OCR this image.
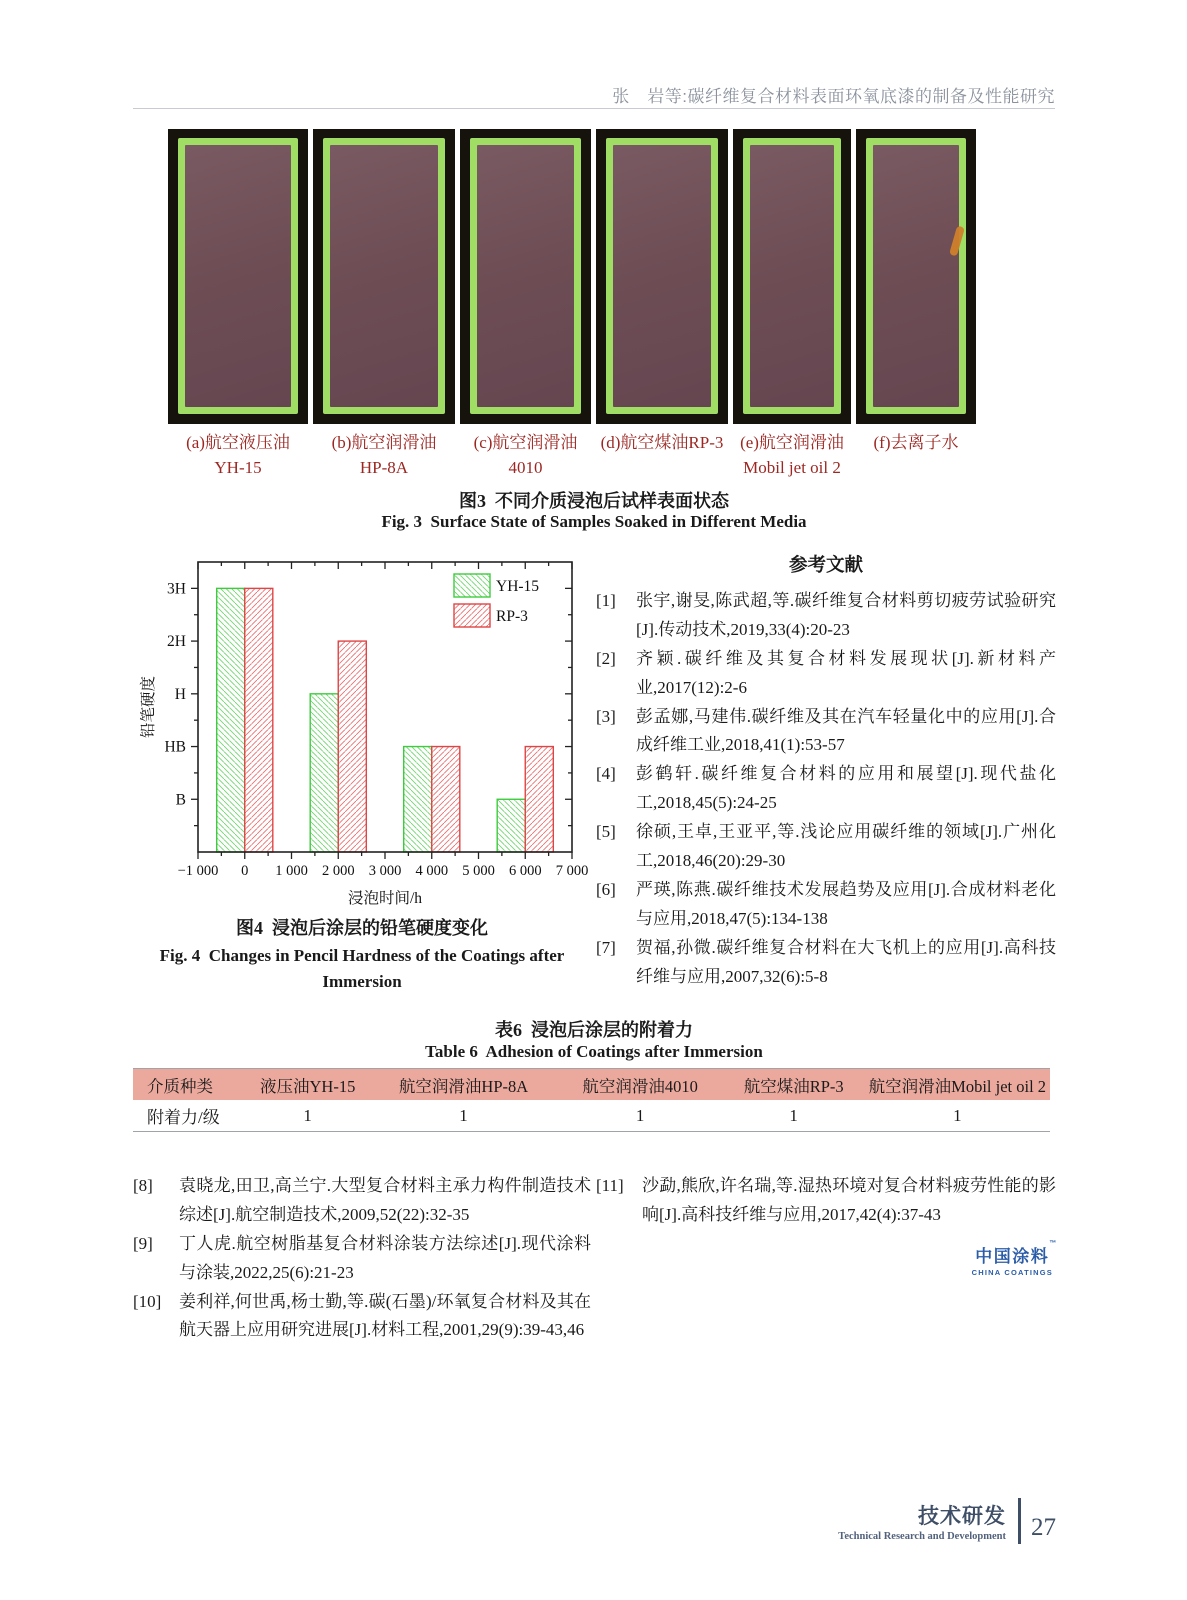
张　岩等:碳纤维复合材料表面环氧底漆的制备及性能研究
(a)航空液压油
YH-15
(b)航空润滑油
HP-8A
(c)航空润滑油
4010
(d)航空煤油RP-3 (e)航空润滑油
Mobil jet oil 2
(f)去离子水
图3  不同介质浸泡后试样表面状态
Fig. 3  Surface State of Samples Soaked in Different Media
−1 000 0 1 000 2 000 3 000 4 000 5 000 6 000 7 000
B
HB
H
2H
3H
浸泡时间/h
铅笔硬度
YH-15
RP-3
图4  浸泡后涂层的铅笔硬度变化
Fig. 4  Changes in Pencil Hardness of the Coatings after Immersion
参考文献
[1]	张宇,谢旻,陈武超,等.碳纤维复合材料剪切疲劳试验研究[J].传动技术,2019,33(4):20-23
[2]	齐颖.碳纤维及其复合材料发展现状[J].新材料产业,2017(12):2-6
[3]	彭孟娜,马建伟.碳纤维及其在汽车轻量化中的应用[J].合成纤维工业,2018,41(1):53-57
[4]	彭鹤轩.碳纤维复合材料的应用和展望[J].现代盐化工,2018,45(5):24-25
[5]	徐硕,王卓,王亚平,等.浅论应用碳纤维的领域[J].广州化工,2018,46(20):29-30
[6]	严瑛,陈燕.碳纤维技术发展趋势及应用[J].合成材料老化与应用,2018,47(5):134-138
[7]	贺福,孙微.碳纤维复合材料在大飞机上的应用[J].高科技纤维与应用,2007,32(6):5-8
表6  浸泡后涂层的附着力
Table 6  Adhesion of Coatings after Immersion
介质种类	液压油YH-15	航空润滑油HP-8A	航空润滑油4010	航空煤油RP-3	航空润滑油Mobil jet oil 2
附着力/级	1	1	1	1	1
[8]	袁晓龙,田卫,高兰宁.大型复合材料主承力构件制造技术综述[J].航空制造技术,2009,52(22):32-35
[9]	丁人虎.航空树脂基复合材料涂装方法综述[J].现代涂料与涂装,2022,25(6):21-23
[10]	姜利祥,何世禹,杨士勤,等.碳(石墨)/环氧复合材料及其在航天器上应用研究进展[J].材料工程,2001,29(9):39-43,46
[11]	沙勐,熊欣,许名瑞,等.湿热环境对复合材料疲劳性能的影响[J].高科技纤维与应用,2017,42(4):37-43
中国涂料 ™
CHINA COATINGS
技术研发
Technical Research and Development 27
